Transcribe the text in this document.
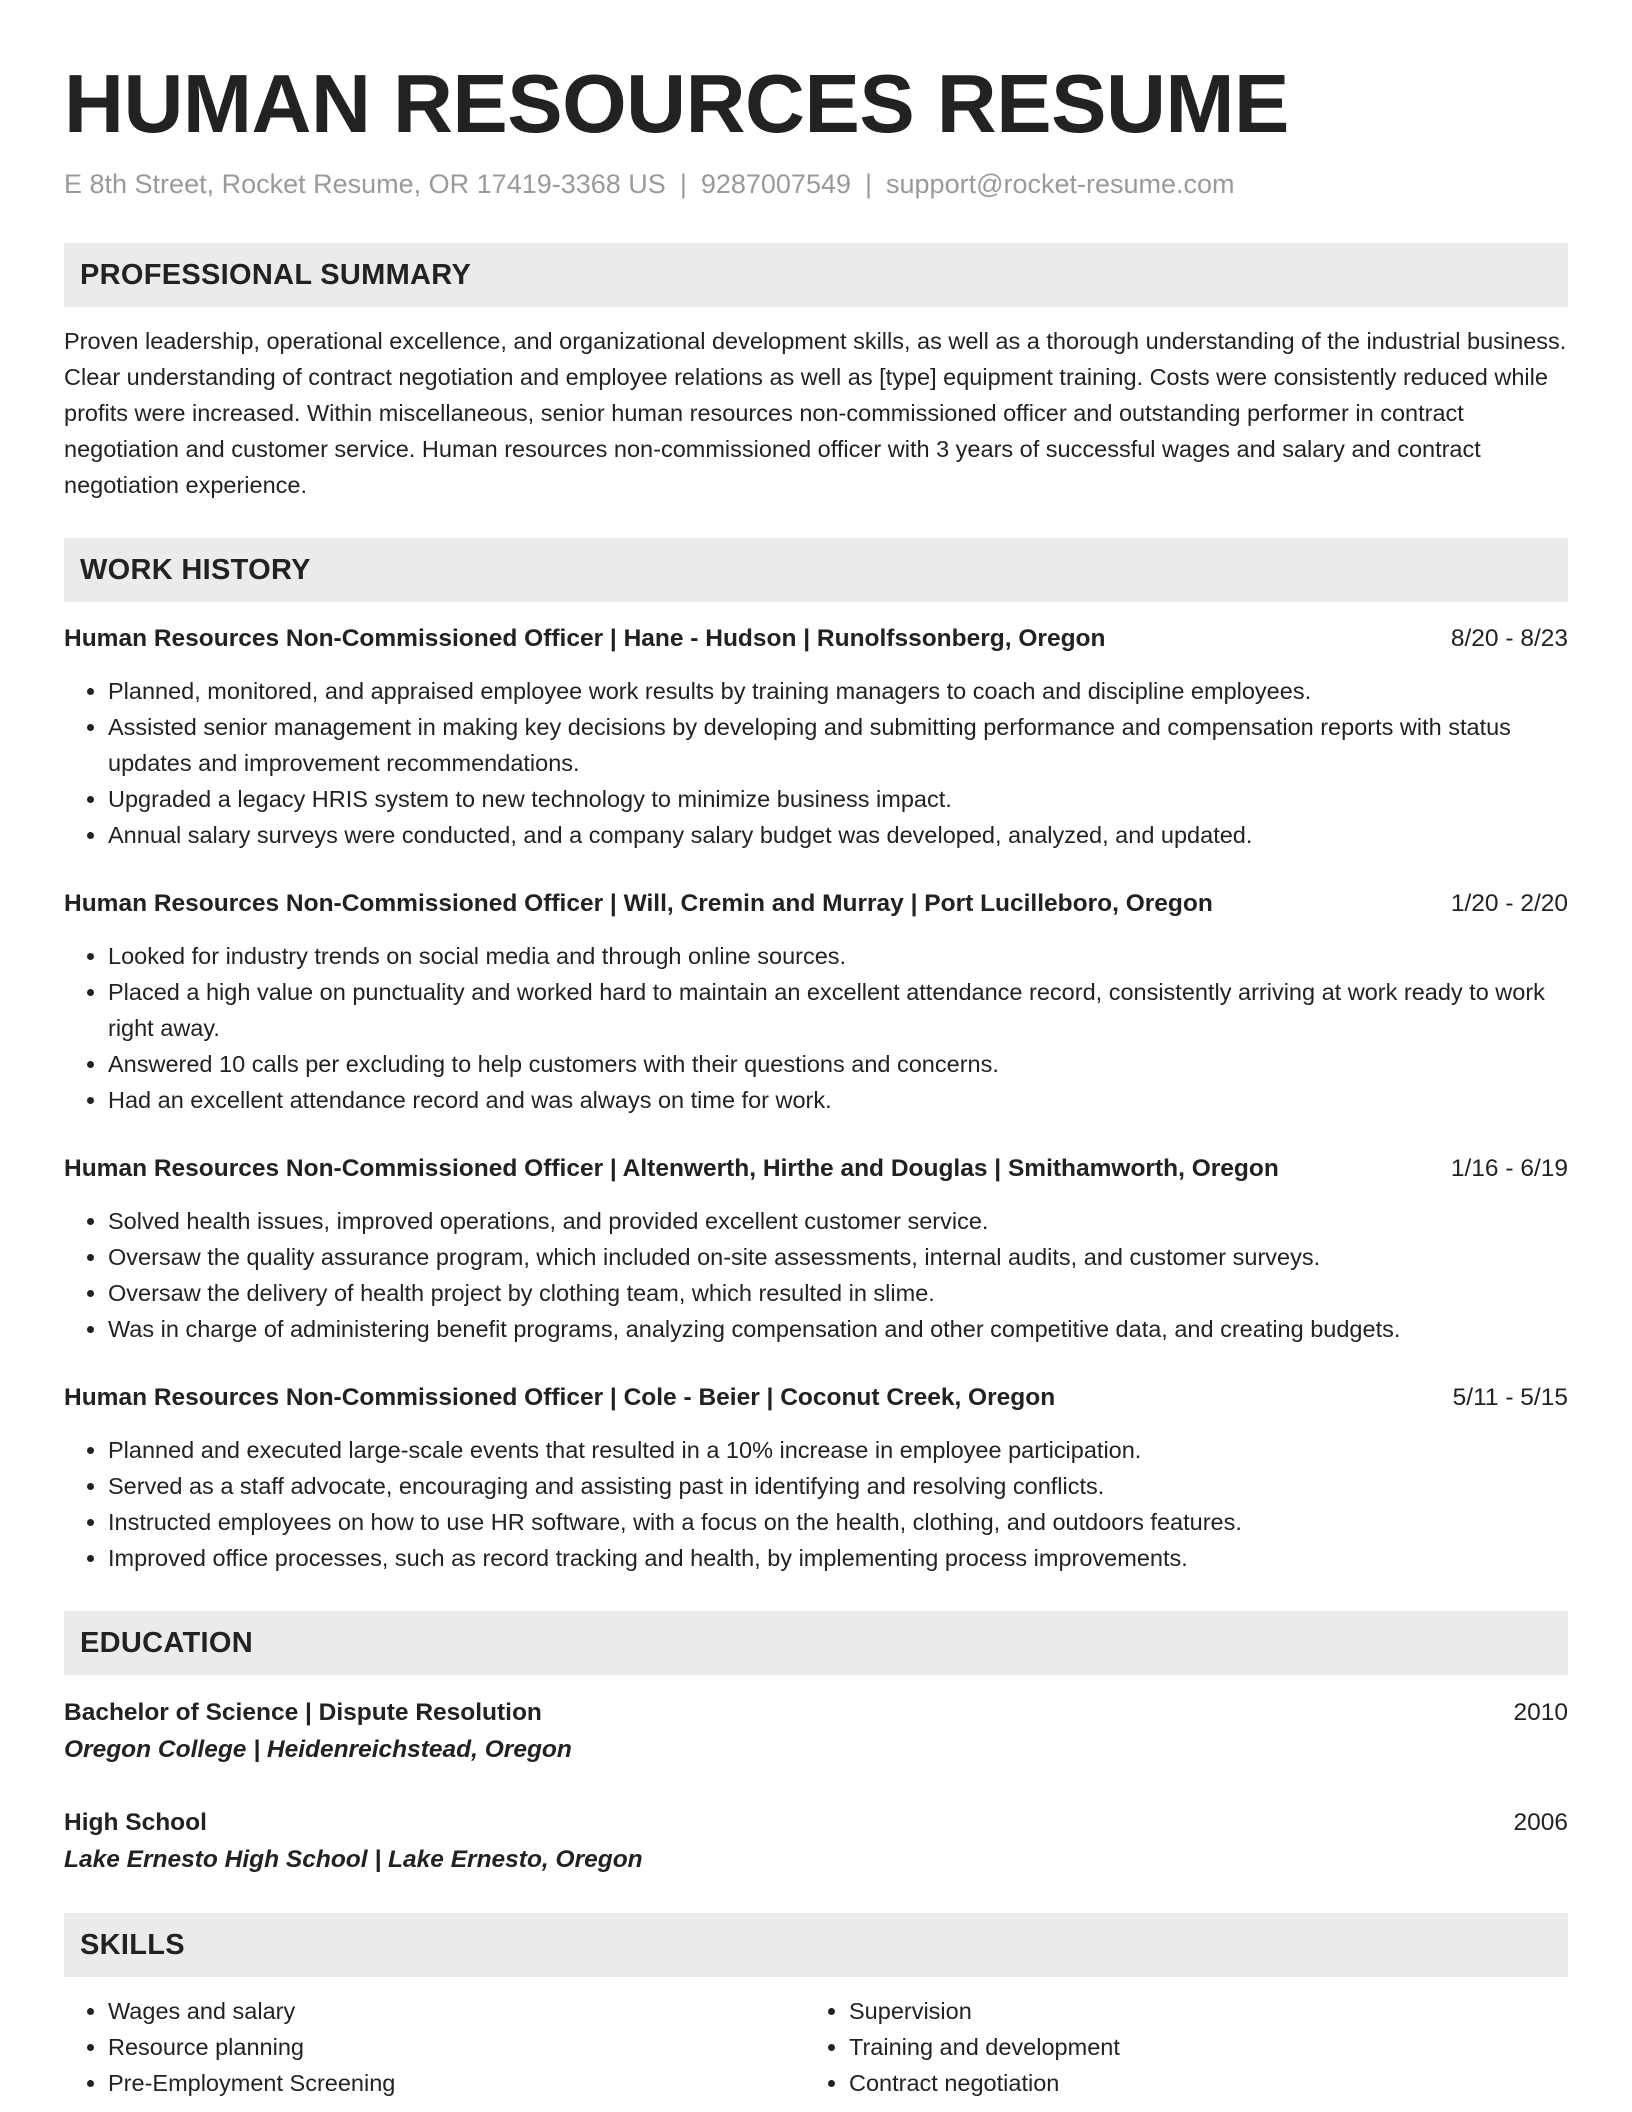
HUMAN RESOURCES RESUME
E 8th Street, Rocket Resume, OR 17419-3368 US | 9287007549 | support@rocket-resume.com
PROFESSIONAL SUMMARY
Proven leadership, operational excellence, and organizational development skills, as well as a thorough understanding of the industrial business. Clear understanding of contract negotiation and employee relations as well as [type] equipment training. Costs were consistently reduced while profits were increased. Within miscellaneous, senior human resources non-commissioned officer and outstanding performer in contract negotiation and customer service. Human resources non-commissioned officer with 3 years of successful wages and salary and contract negotiation experience.
WORK HISTORY
Human Resources Non-Commissioned Officer | Hane - Hudson | Runolfssonberg, Oregon	8/20 - 8/23
• Planned, monitored, and appraised employee work results by training managers to coach and discipline employees.
• Assisted senior management in making key decisions by developing and submitting performance and compensation reports with status updates and improvement recommendations.
• Upgraded a legacy HRIS system to new technology to minimize business impact.
• Annual salary surveys were conducted, and a company salary budget was developed, analyzed, and updated.
Human Resources Non-Commissioned Officer | Will, Cremin and Murray | Port Lucilleboro, Oregon	1/20 - 2/20
• Looked for industry trends on social media and through online sources.
• Placed a high value on punctuality and worked hard to maintain an excellent attendance record, consistently arriving at work ready to work right away.
• Answered 10 calls per excluding to help customers with their questions and concerns.
• Had an excellent attendance record and was always on time for work.
Human Resources Non-Commissioned Officer | Altenwerth, Hirthe and Douglas | Smithamworth, Oregon	1/16 - 6/19
• Solved health issues, improved operations, and provided excellent customer service.
• Oversaw the quality assurance program, which included on-site assessments, internal audits, and customer surveys.
• Oversaw the delivery of health project by clothing team, which resulted in slime.
• Was in charge of administering benefit programs, analyzing compensation and other competitive data, and creating budgets.
Human Resources Non-Commissioned Officer | Cole - Beier | Coconut Creek, Oregon	5/11 - 5/15
• Planned and executed large-scale events that resulted in a 10% increase in employee participation.
• Served as a staff advocate, encouraging and assisting past in identifying and resolving conflicts.
• Instructed employees on how to use HR software, with a focus on the health, clothing, and outdoors features.
• Improved office processes, such as record tracking and health, by implementing process improvements.
EDUCATION
Bachelor of Science | Dispute Resolution	2010
Oregon College | Heidenreichstead, Oregon
High School	2006
Lake Ernesto High School | Lake Ernesto, Oregon
SKILLS
• Wages and salary
• Resource planning
• Pre-Employment Screening
• Supervision
• Training and development
• Contract negotiation
